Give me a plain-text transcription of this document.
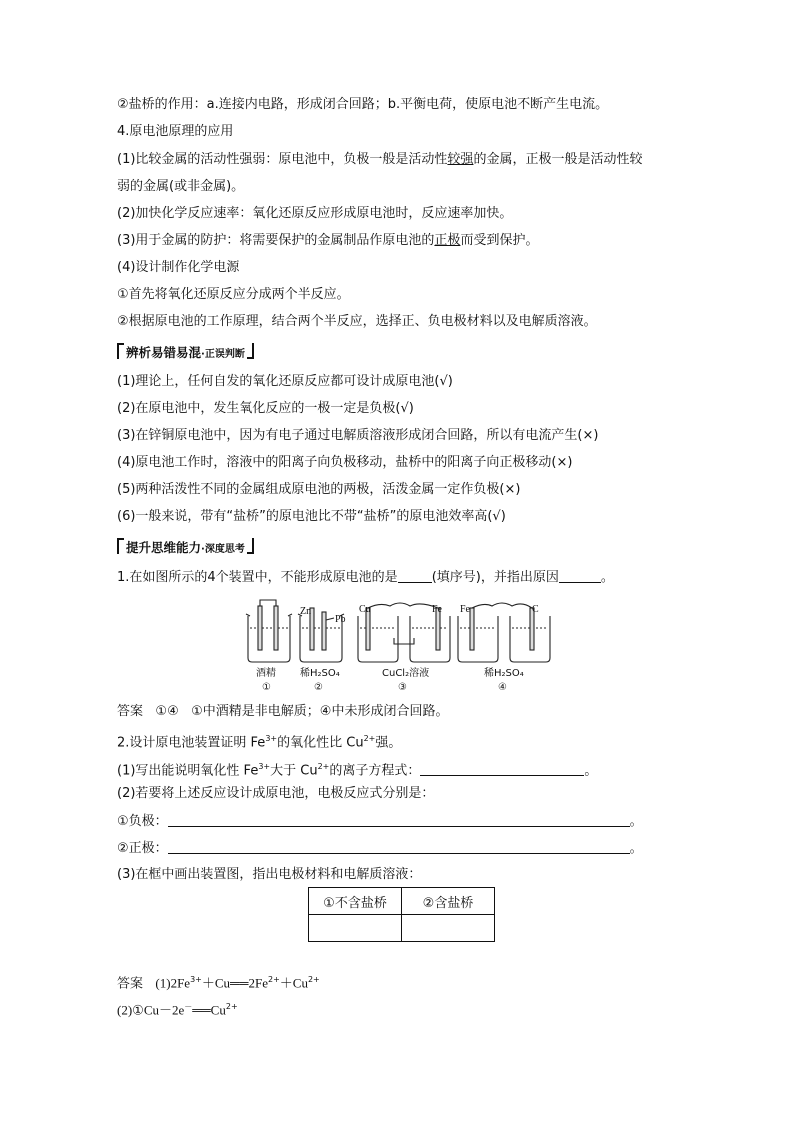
②盐桥的作用：a.连接内电路，形成闭合回路；b.平衡电荷，使原电池不断产生电流。
4.原电池原理的应用
(1)比较金属的活动性强弱：原电池中，负极一般是活动性较强的金属，正极一般是活动性较
弱的金属(或非金属)。
(2)加快化学反应速率：氧化还原反应形成原电池时，反应速率加快。
(3)用于金属的防护：将需要保护的金属制品作原电池的正极而受到保护。
(4)设计制作化学电源
①首先将氧化还原反应分成两个半反应。
②根据原电池的工作原理，结合两个半反应，选择正、负电极材料以及电解质溶液。
辨析易错易混·正误判断
(1)理论上，任何自发的氧化还原反应都可设计成原电池(√)
(2)在原电池中，发生氧化反应的一极一定是负极(√)
(3)在锌铜原电池中，因为有电子通过电解质溶液形成闭合回路，所以有电流产生(×)
(4)原电池工作时，溶液中的阳离子向负极移动，盐桥中的阳离子向正极移动(×)
(5)两种活泼性不同的金属组成原电池的两极，活泼金属一定作负极(×)
(6)一般来说，带有“盐桥”的原电池比不带“盐桥”的原电池效率高(√)
提升思维能力·深度思考
1.在如图所示的4个装置中，不能形成原电池的是	(填序号)，并指出原因	。
Zn
Pb
Cu	Fe Fe	C
酒精 稀H₂SO₄	CuCl₂溶液	稀H₂SO₄
①	②	③	④
答案 ①④ ①中酒精是非电解质；④中未形成闭合回路。
2.设计原电池装置证明 $Fe^{3+}$的氧化性比 $Cu^{2+}$强。
(1)写出能说明氧化性 $Fe^{3+}$大于 $Cu^{2+}$的离子方程式：	。
(2)若要将上述反应设计成原电池，电极反应式分别是：
①负极：	。
②正极：	。
(3)在框中画出装置图，指出电极材料和电解质溶液：
①不含盐桥	②含盐桥

答案 $(1)2Fe^{3+}+Cu══2Fe^{2+}+Cu^{2+}$
$(2)①Cu-2e^-══Cu^{2+}$
